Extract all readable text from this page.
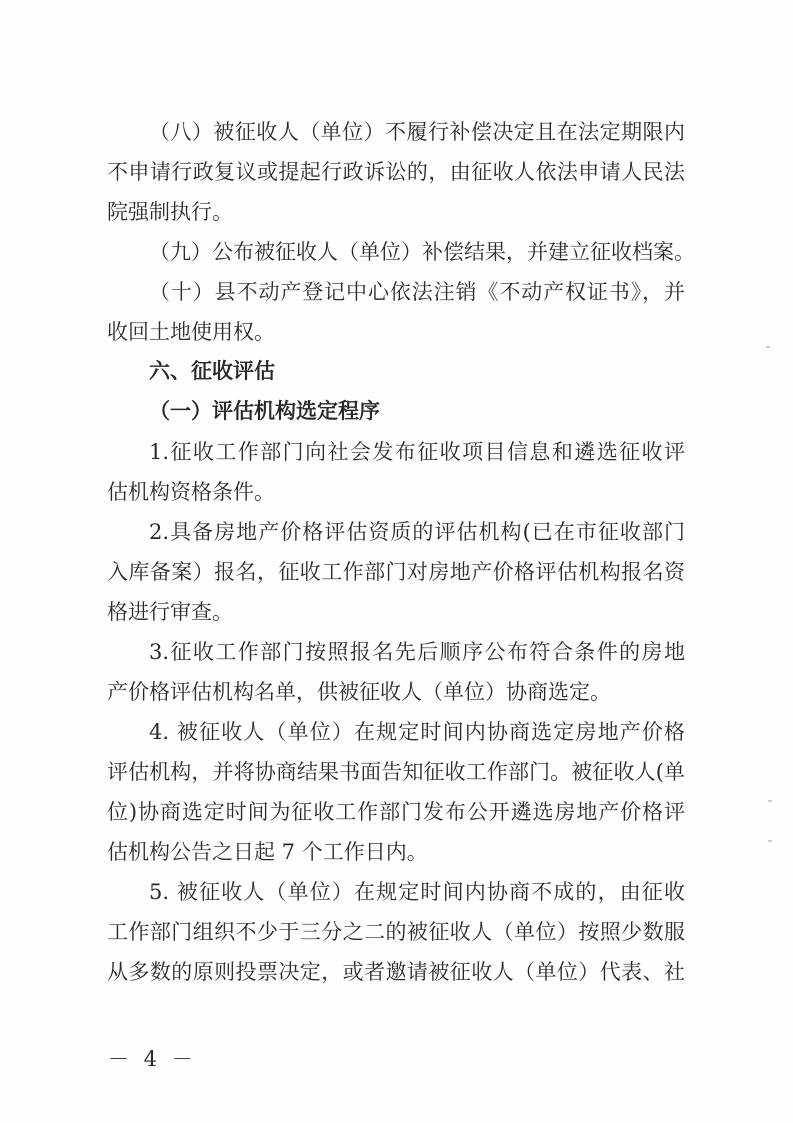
（八）被征收人（单位）不履行补偿决定且在法定期限内
不申请行政复议或提起行政诉讼的，由征收人依法申请人民法
院强制执行。
（九）公布被征收人（单位）补偿结果，并建立征收档案。
（十）县不动产登记中心依法注销《不动产权证书》，并
收回土地使用权。
六、征收评估
（一）评估机构选定程序
1.征收工作部门向社会发布征收项目信息和遴选征收评
估机构资格条件。
2.具备房地产价格评估资质的评估机构(已在市征收部门
入库备案）报名，征收工作部门对房地产价格评估机构报名资
格进行审查。
3.征收工作部门按照报名先后顺序公布符合条件的房地
产价格评估机构名单，供被征收人（单位）协商选定。
4. 被征收人（单位）在规定时间内协商选定房地产价格
评估机构，并将协商结果书面告知征收工作部门。被征收人(单
位)协商选定时间为征收工作部门发布公开遴选房地产价格评
估机构公告之日起 7 个工作日内。
5. 被征收人（单位）在规定时间内协商不成的，由征收
工作部门组织不少于三分之二的被征收人（单位）按照少数服
从多数的原则投票决定，或者邀请被征收人（单位）代表、社
－ 4 －
